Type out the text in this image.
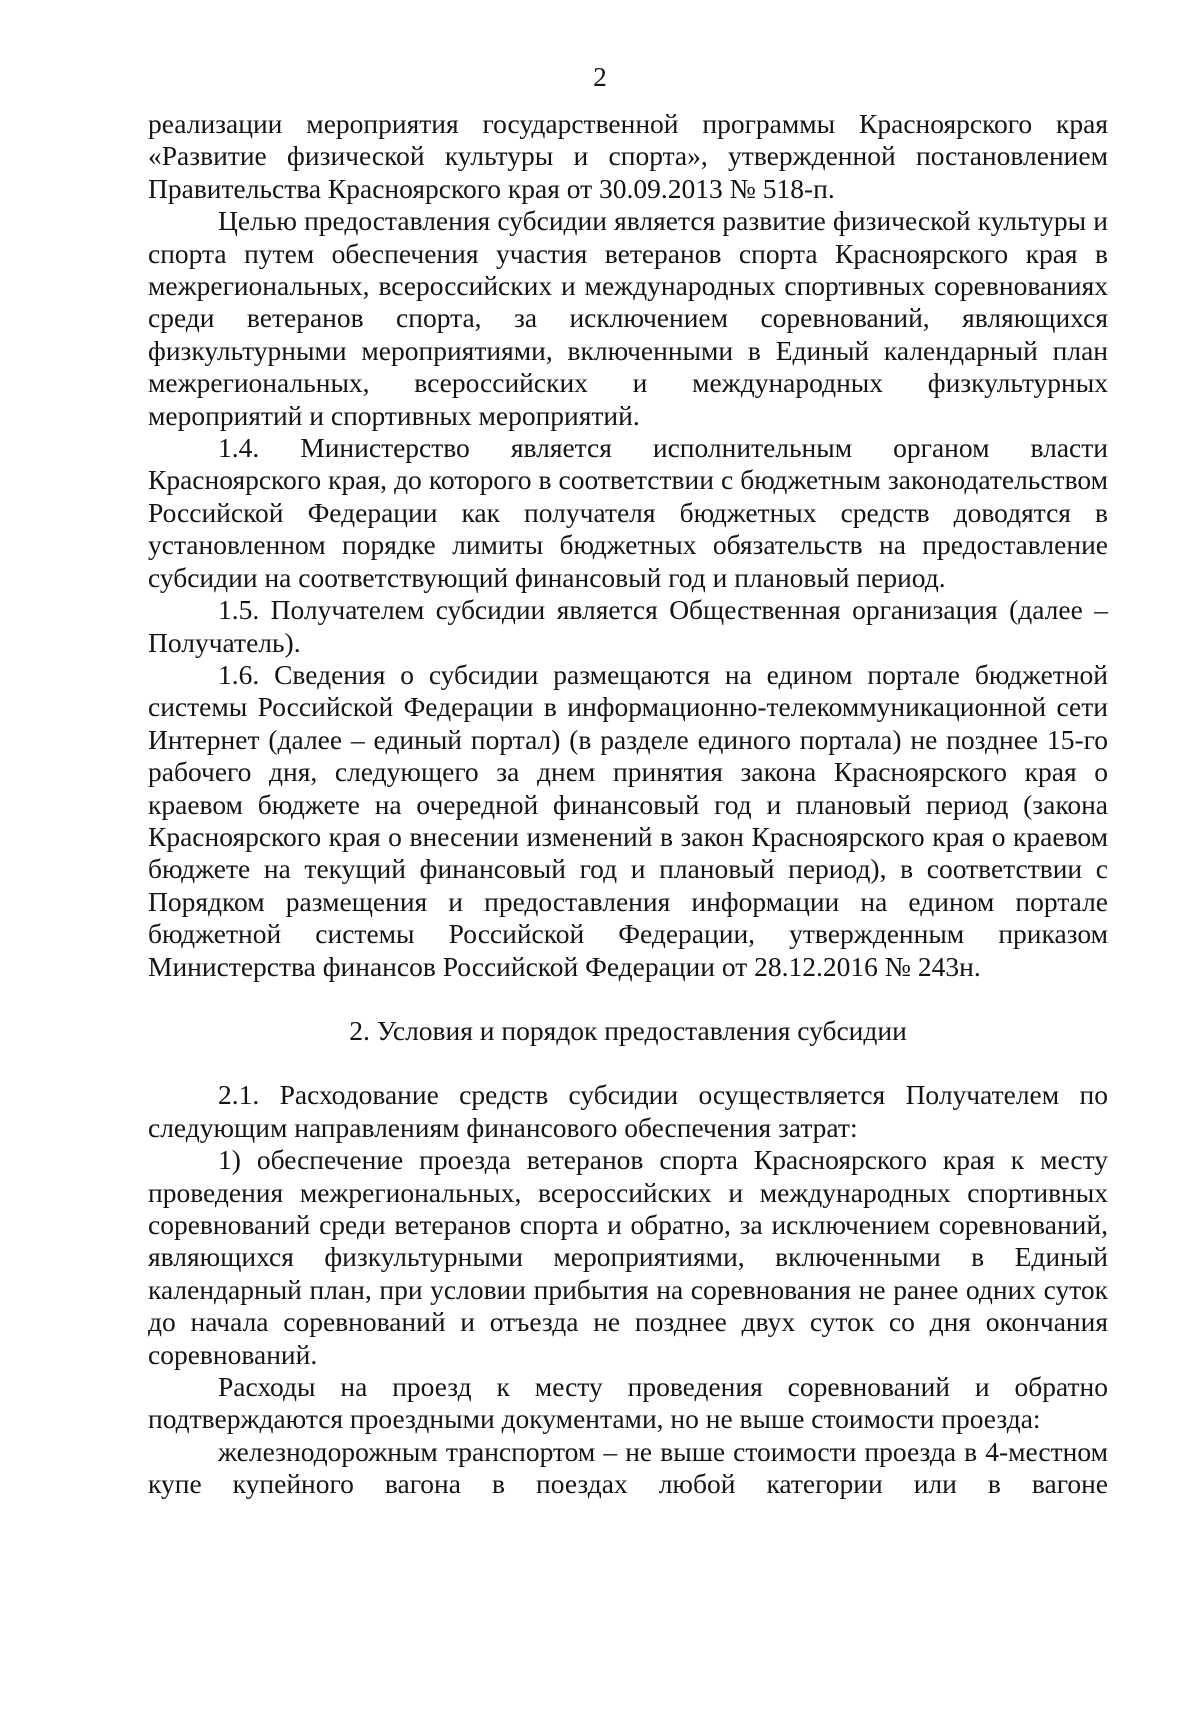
2

реализации мероприятия государственной программы Красноярского края «Развитие физической культуры и спорта», утвержденной постановлением Правительства Красноярского края от 30.09.2013 № 518-п.

Целью предоставления субсидии является развитие физической культуры и спорта путем обеспечения участия ветеранов спорта Красноярского края в межрегиональных, всероссийских и международных спортивных соревнованиях среди ветеранов спорта, за исключением соревнований, являющихся физкультурными мероприятиями, включенными в Единый календарный план межрегиональных, всероссийских и международных физкультурных мероприятий и спортивных мероприятий.

1.4. Министерство является исполнительным органом власти Красноярского края, до которого в соответствии с бюджетным законодательством Российской Федерации как получателя бюджетных средств доводятся в установленном порядке лимиты бюджетных обязательств на предоставление субсидии на соответствующий финансовый год и плановый период.

1.5. Получателем субсидии является Общественная организация (далее – Получатель).

1.6. Сведения о субсидии размещаются на едином портале бюджетной системы Российской Федерации в информационно-телекоммуникационной сети Интернет (далее – единый портал) (в разделе единого портала) не позднее 15-го рабочего дня, следующего за днем принятия закона Красноярского края о краевом бюджете на очередной финансовый год и плановый период (закона Красноярского края о внесении изменений в закон Красноярского края о краевом бюджете на текущий финансовый год и плановый период), в соответствии с Порядком размещения и предоставления информации на едином портале бюджетной системы Российской Федерации, утвержденным приказом Министерства финансов Российской Федерации от 28.12.2016 № 243н.

2. Условия и порядок предоставления субсидии

2.1. Расходование средств субсидии осуществляется Получателем по следующим направлениям финансового обеспечения затрат:

1) обеспечение проезда ветеранов спорта Красноярского края к месту проведения межрегиональных, всероссийских и международных спортивных соревнований среди ветеранов спорта и обратно, за исключением соревнований, являющихся физкультурными мероприятиями, включенными в Единый календарный план, при условии прибытия на соревнования не ранее одних суток до начала соревнований и отъезда не позднее двух суток со дня окончания соревнований.

Расходы на проезд к месту проведения соревнований и обратно подтверждаются проездными документами, но не выше стоимости проезда:

железнодорожным транспортом – не выше стоимости проезда в 4-местном купе купейного вагона в поездах любой категории или в вагоне
